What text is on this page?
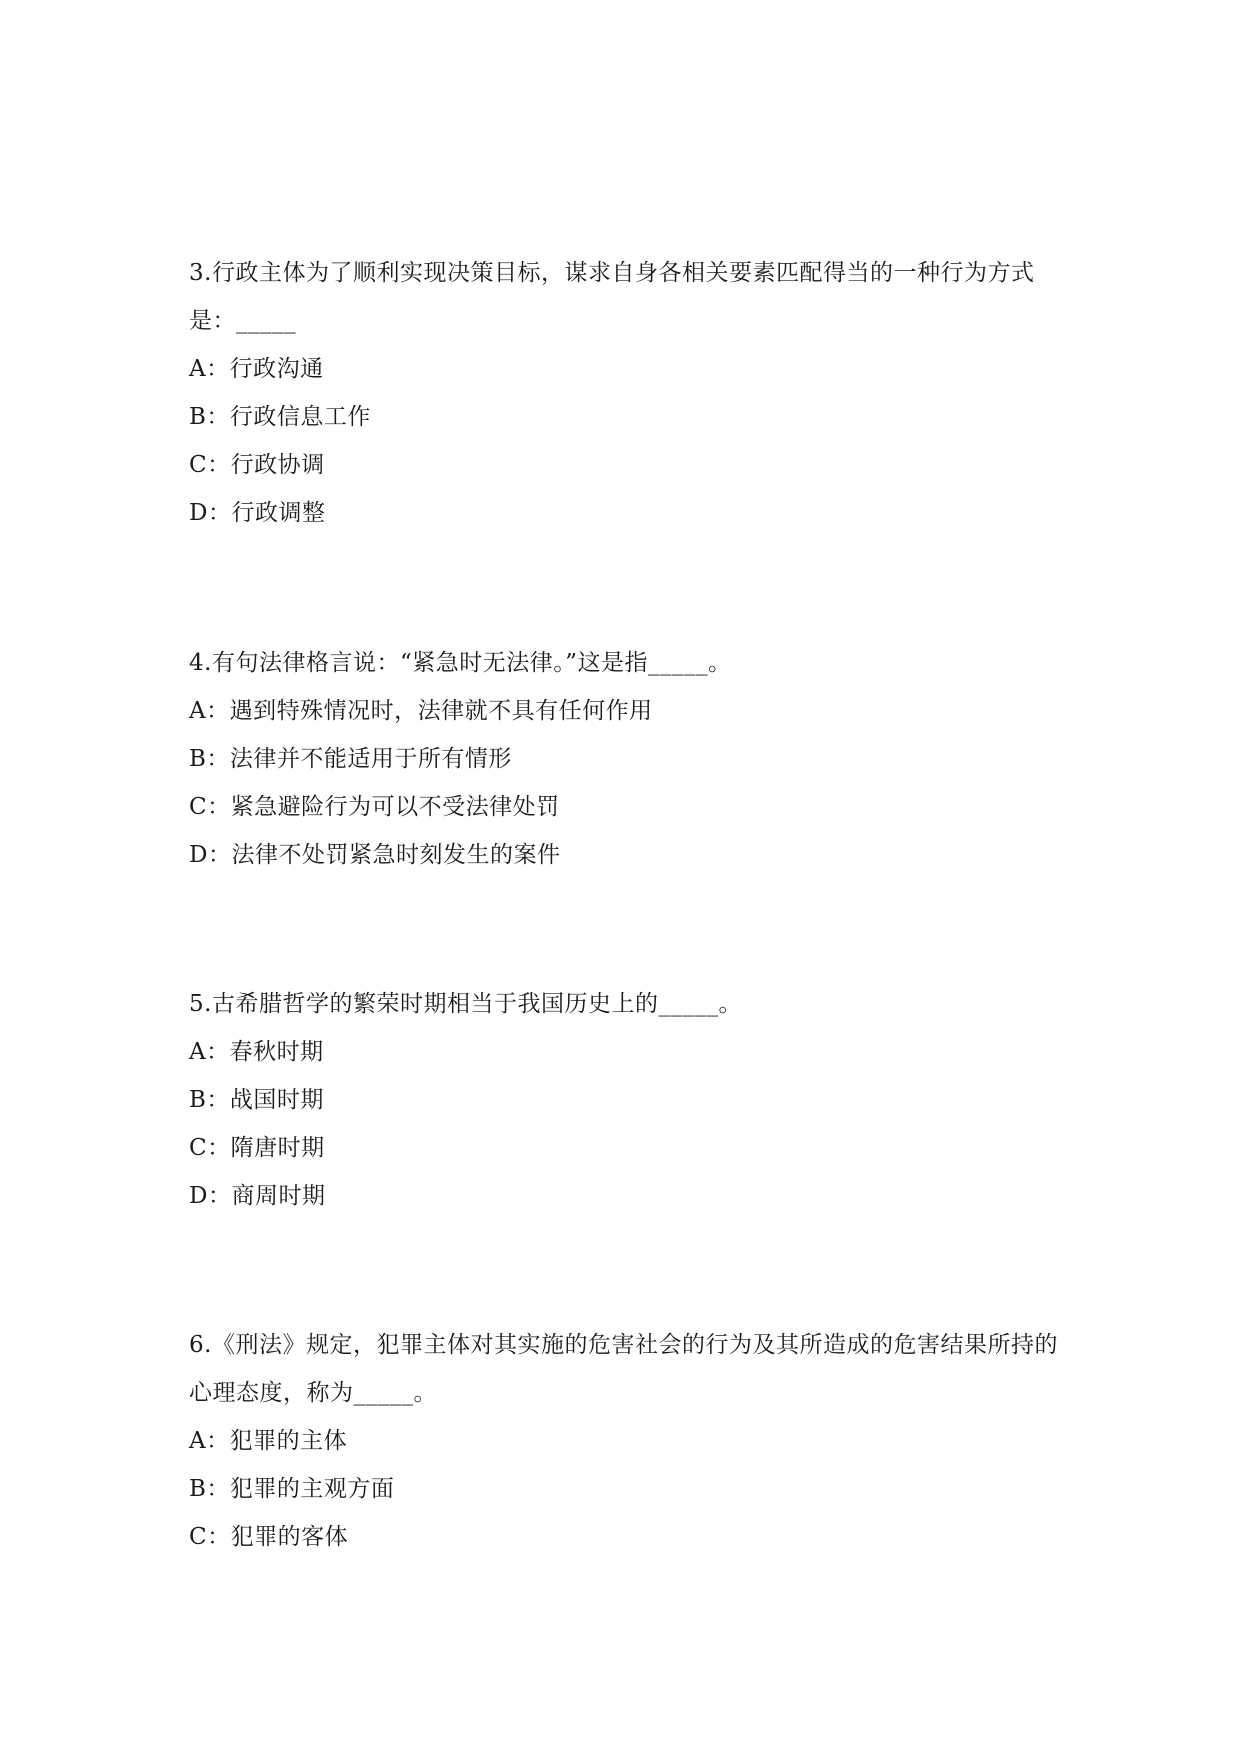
3.行政主体为了顺利实现决策目标，谋求自身各相关要素匹配得当的一种行为方式是：_____

A：行政沟通

B：行政信息工作

C：行政协调

D：行政调整

4.有句法律格言说：“紧急时无法律。”这是指_____。

A：遇到特殊情况时，法律就不具有任何作用

B：法律并不能适用于所有情形

C：紧急避险行为可以不受法律处罚

D：法律不处罚紧急时刻发生的案件

5.古希腊哲学的繁荣时期相当于我国历史上的_____。

A：春秋时期

B：战国时期

C：隋唐时期

D：商周时期

6.《刑法》规定，犯罪主体对其实施的危害社会的行为及其所造成的危害结果所持的心理态度，称为_____。

A：犯罪的主体

B：犯罪的主观方面

C：犯罪的客体
